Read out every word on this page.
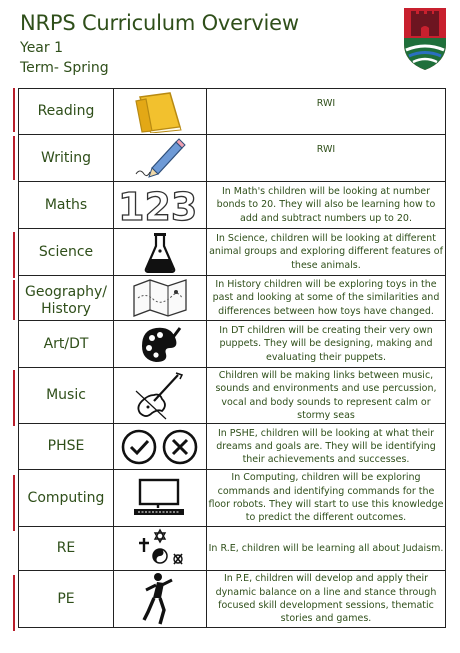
NRPS Curriculum Overview
Year 1
Term- Spring
Reading		RWI
Writing		RWI
Maths	123	In Math's children will be looking at number bonds to 20. They will also be learning how to add and subtract numbers up to 20.
Science		In Science, children will be looking at different animal groups and exploring different features of these animals.
Geography/ History		In History children will be exploring toys in the past and looking at some of the similarities and differences between how toys have changed.
Art/DT		In DT children will be creating their very own puppets. They will be designing, making and evaluating their puppets.
Music		Children will be making links between music, sounds and environments and use percussion, vocal and body sounds to represent calm or stormy seas
PHSE		In PSHE, children will be looking at what their dreams and goals are. They will be identifying their achievements and successes.
Computing		In Computing, children will be exploring commands and identifying commands for the floor robots. They will start to use this knowledge to predict the different outcomes.
RE		In R.E, children will be learning all about Judaism.
PE		In P.E, children will develop and apply their dynamic balance on a line and stance through focused skill development sessions, thematic stories and games.
